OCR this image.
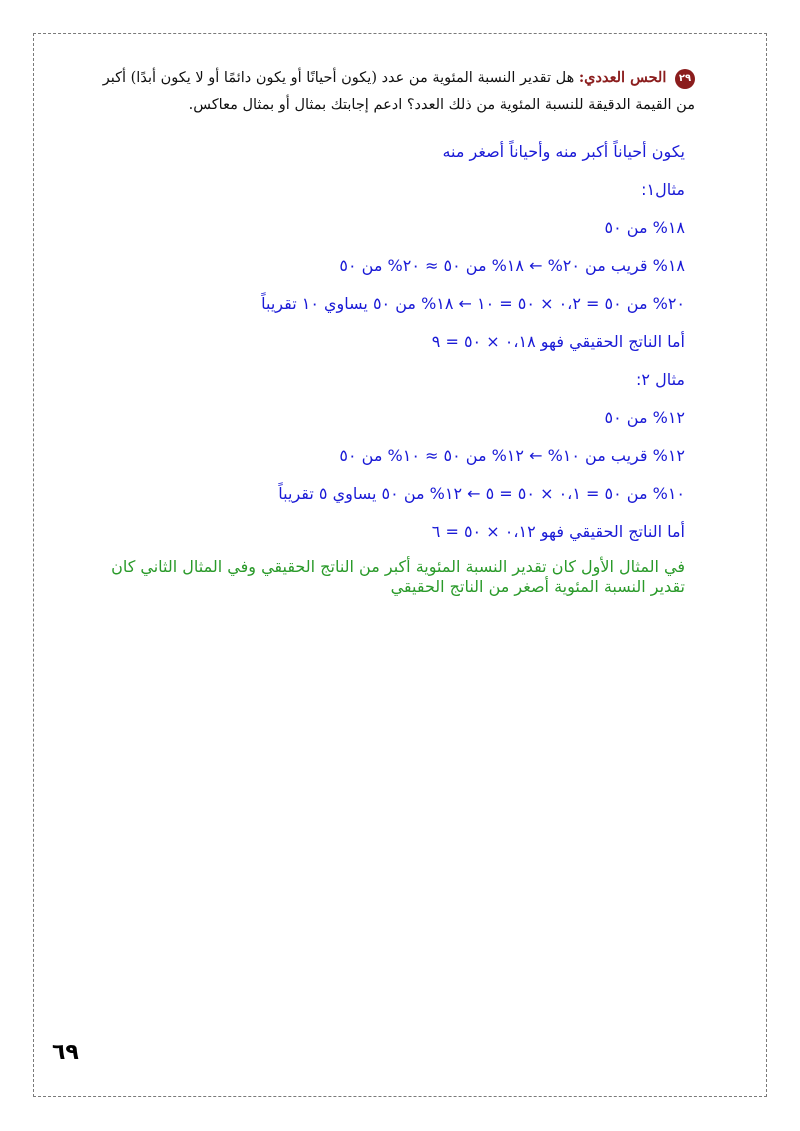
٢٩ الحس العددي: هل تقدير النسبة المئوية من عدد (يكون أحيانًا أو يكون دائمًا أو لا يكون أبدًا) أكبر من القيمة الدقيقة للنسبة المئوية من ذلك العدد؟ ادعم إجابتك بمثال أو بمثال معاكس.

يكون أحياناً أكبر منه وأحياناً أصغر منه

مثال١:

١٨% من ٥٠

١٨% قريب من ٢٠% ← ١٨% من ٥٠ ≈ ٢٠% من ٥٠

٢٠% من ٥٠ = ٠،٢ × ٥٠ = ١٠ ← ١٨% من ٥٠ يساوي ١٠ تقريباً

أما الناتج الحقيقي فهو ٠،١٨ × ٥٠ = ٩

مثال ٢:

١٢% من ٥٠

١٢% قريب من ١٠% ← ١٢% من ٥٠ ≈ ١٠% من ٥٠

١٠% من ٥٠ = ٠،١ × ٥٠ = ٥ ← ١٢% من ٥٠ يساوي ٥ تقريباً

أما الناتج الحقيقي فهو ٠،١٢ × ٥٠ = ٦

في المثال الأول كان تقدير النسبة المئوية أكبر من الناتج الحقيقي وفي المثال الثاني كان تقدير النسبة المئوية أصغر من الناتج الحقيقي

٦٩
